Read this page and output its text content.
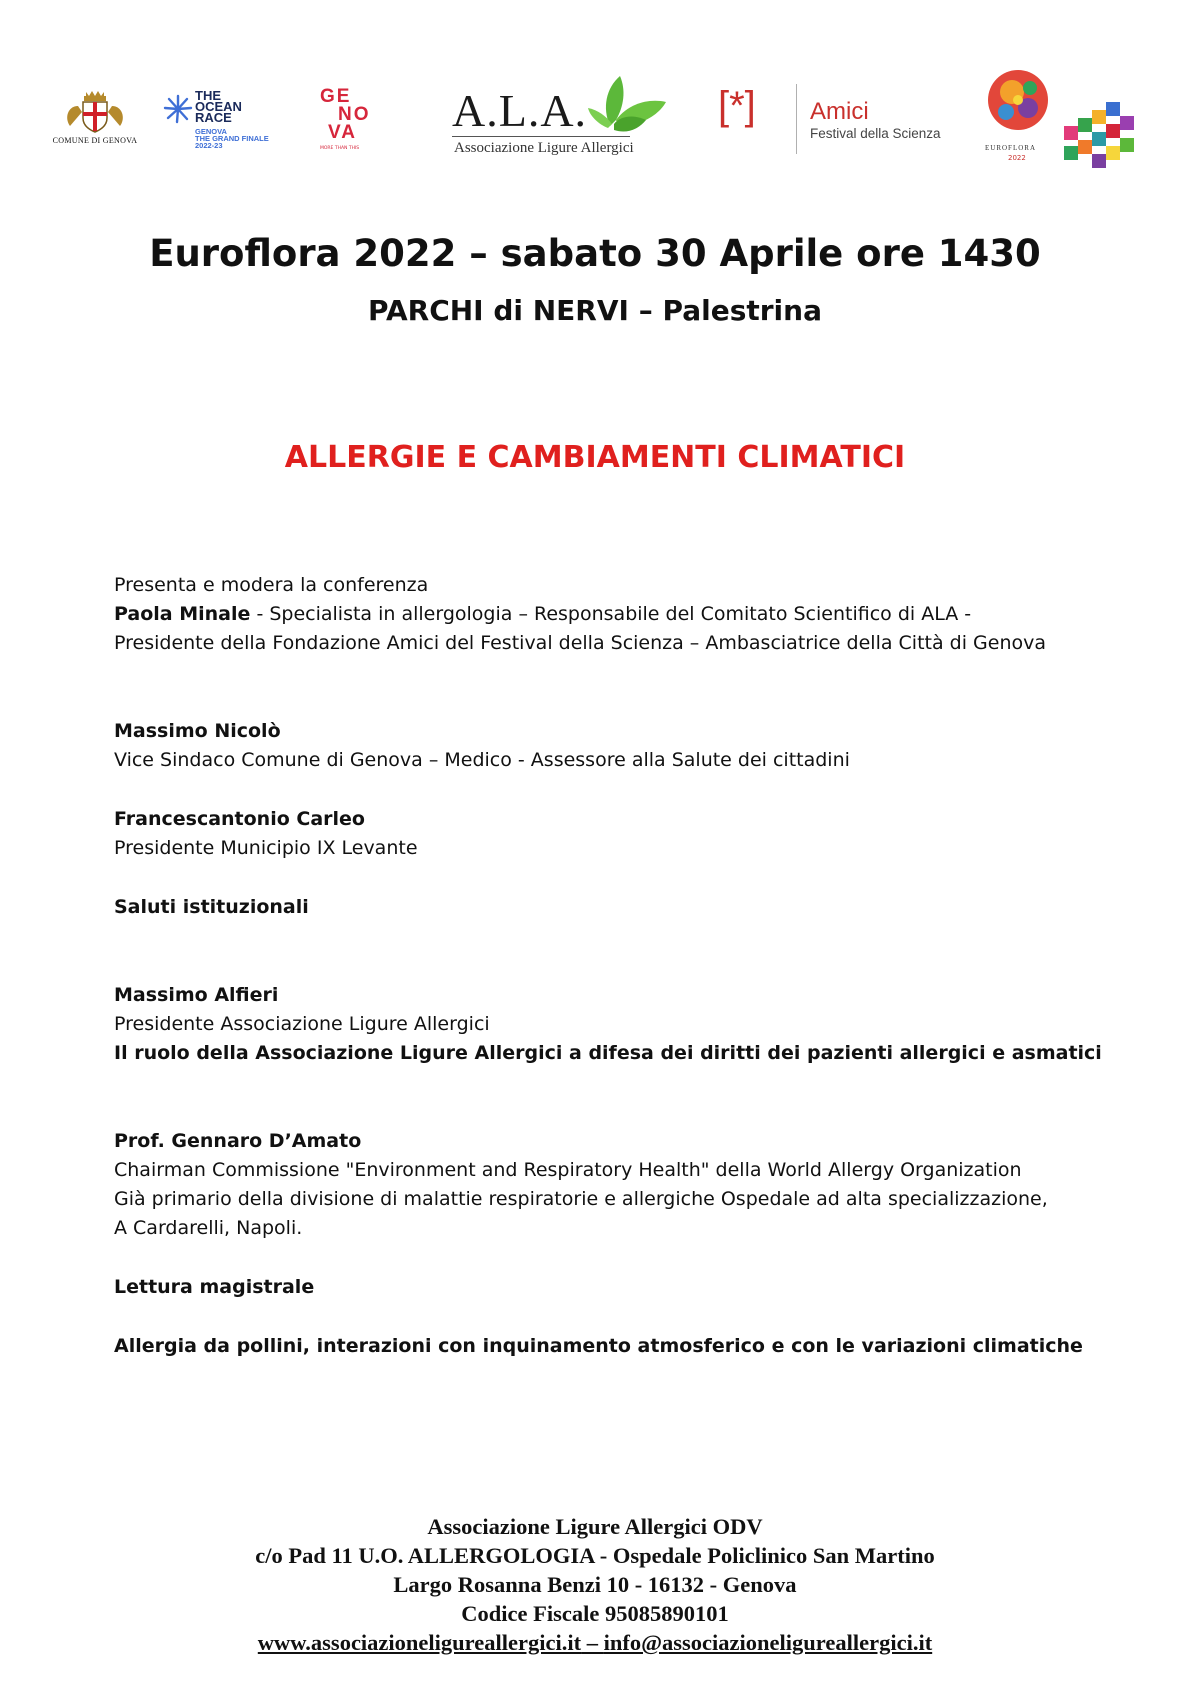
COMUNE DI GENOVA
THE
OCEAN
RACE
GENOVA
THE GRAND FINALE
2022-23
GE
NO
VA
MORE THAN THIS
A.L.A.
Associazione Ligure Allergici
[*] Amici
Festival della Scienza
EUROFLORA
2022
Euroflora 2022 – sabato 30 Aprile ore 1430
PARCHI di NERVI – Palestrina
ALLERGIE E CAMBIAMENTI CLIMATICI
Presenta e modera la conferenza
Paola Minale - Specialista in allergologia – Responsabile del Comitato Scientifico di ALA -
Presidente della Fondazione Amici del Festival della Scienza – Ambasciatrice della Città di Genova
Massimo Nicolò
Vice Sindaco Comune di Genova – Medico - Assessore alla Salute dei cittadini
Francescantonio Carleo
Presidente Municipio IX Levante
Saluti istituzionali
Massimo Alfieri
Presidente Associazione Ligure Allergici
Il ruolo della Associazione Ligure Allergici a difesa dei diritti dei pazienti allergici e asmatici
Prof. Gennaro D’Amato
Chairman Commissione "Environment and Respiratory Health" della World Allergy Organization
Già primario della divisione di malattie respiratorie e allergiche Ospedale ad alta specializzazione,
A Cardarelli, Napoli.
Lettura magistrale
Allergia da pollini, interazioni con inquinamento atmosferico e con le variazioni climatiche
Associazione Ligure Allergici ODV
c/o Pad 11 U.O. ALLERGOLOGIA - Ospedale Policlinico San Martino
Largo Rosanna Benzi 10 - 16132 - Genova
Codice Fiscale 95085890101
www.associazioneligureallergici.it – info@associazioneligureallergici.it
